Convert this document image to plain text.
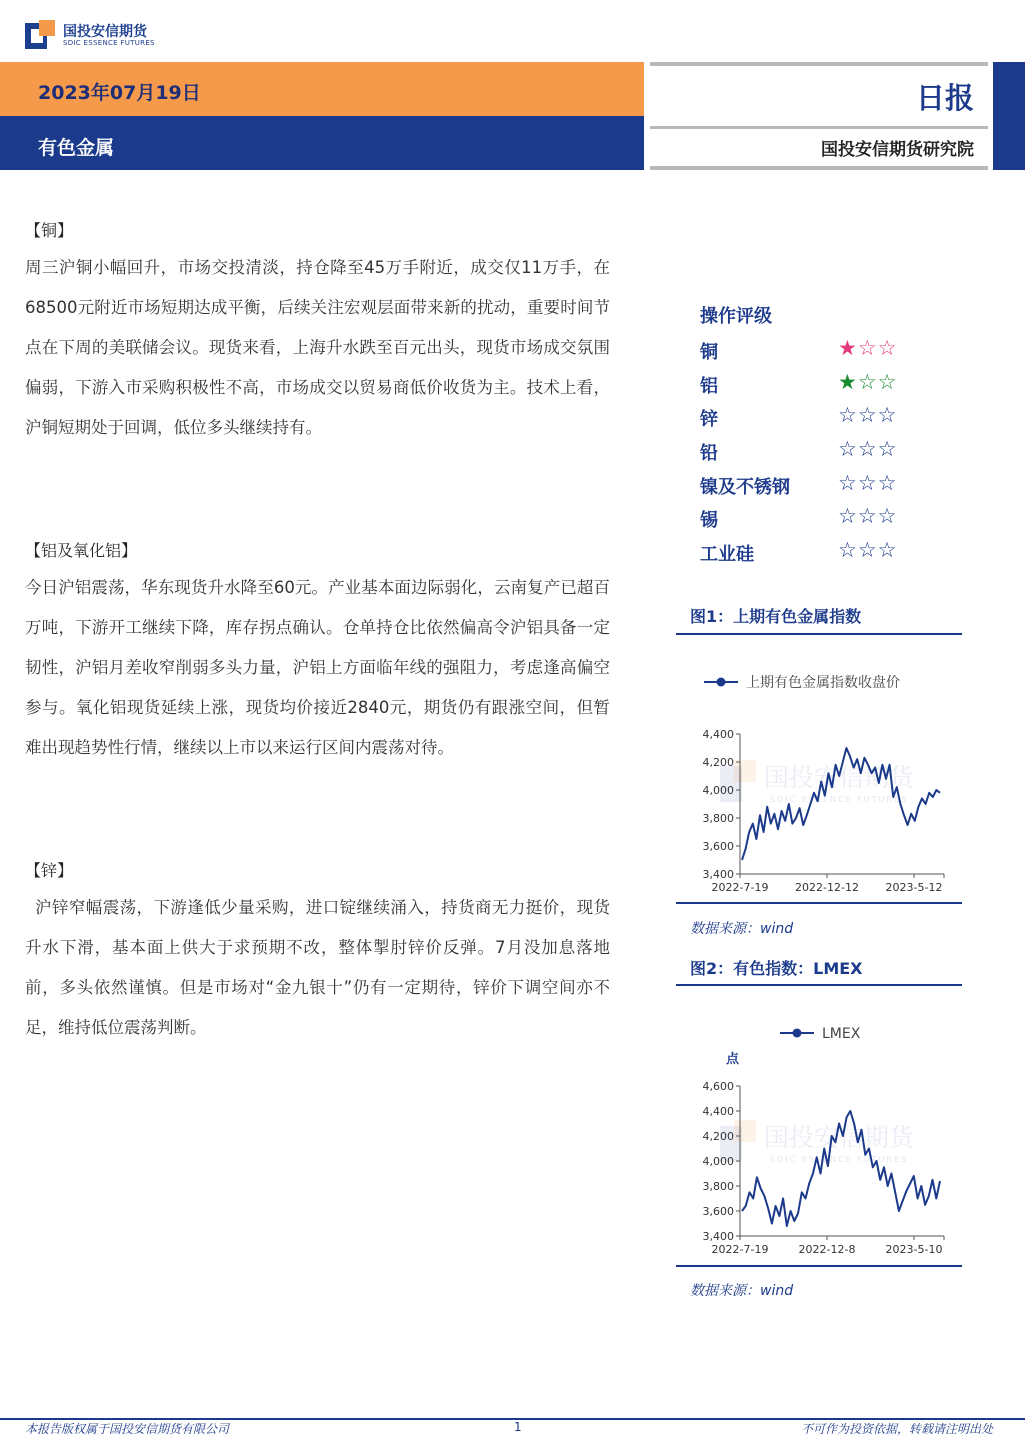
国投安信期货
SDIC ESSENCE FUTURES
2023年07月19日
有色金属
日报
国投安信期货研究院
【铜】
周三沪铜小幅回升，市场交投清淡，持仓降至45万手附近，成交仅11万手，在68500元附近市场短期达成平衡，后续关注宏观层面带来新的扰动，重要时间节点在下周的美联储会议。现货来看，上海升水跌至百元出头，现货市场成交氛围偏弱，下游入市采购积极性不高，市场成交以贸易商低价收货为主。技术上看，沪铜短期处于回调，低位多头继续持有。
【铝及氧化铝】
今日沪铝震荡，华东现货升水降至60元。产业基本面边际弱化，云南复产已超百万吨，下游开工继续下降，库存拐点确认。仓单持仓比依然偏高令沪铝具备一定韧性，沪铝月差收窄削弱多头力量，沪铝上方面临年线的强阻力，考虑逢高偏空参与。氧化铝现货延续上涨，现货均价接近2840元，期货仍有跟涨空间，但暂难出现趋势性行情，继续以上市以来运行区间内震荡对待。
【锌】
沪锌窄幅震荡，下游逢低少量采购，进口锭继续涌入，持货商无力挺价，现货升水下滑，基本面上供大于求预期不改，整体掣肘锌价反弹。7月没加息落地前，多头依然谨慎。但是市场对“金九银十”仍有一定期待，锌价下调空间亦不足，维持低位震荡判断。
操作评级
铜	★☆☆
铝	★☆☆
锌	☆☆☆
铅	☆☆☆
镍及不锈钢 ☆☆☆
锡	☆☆☆
工业硅	☆☆☆
图1：上期有色金属指数
上期有色金属指数收盘价
国投安信期货
SDIC ESSENCE FUTURES
3,400
3,600
3,800
4,000
4,200
4,400
2022-7-19 2022-12-12 2023-5-12
数据来源：wind
图2：有色指数：LMEX
LMEX
点
国投安信期货
SDIC ESSENCE FUTURES
3,400
3,600
3,800
4,000
4,200
4,400
4,600
2022-7-19	2022-12-8	2023-5-10
数据来源：wind
本报告版权属于国投安信期货有限公司	1	不可作为投资依据，转载请注明出处
